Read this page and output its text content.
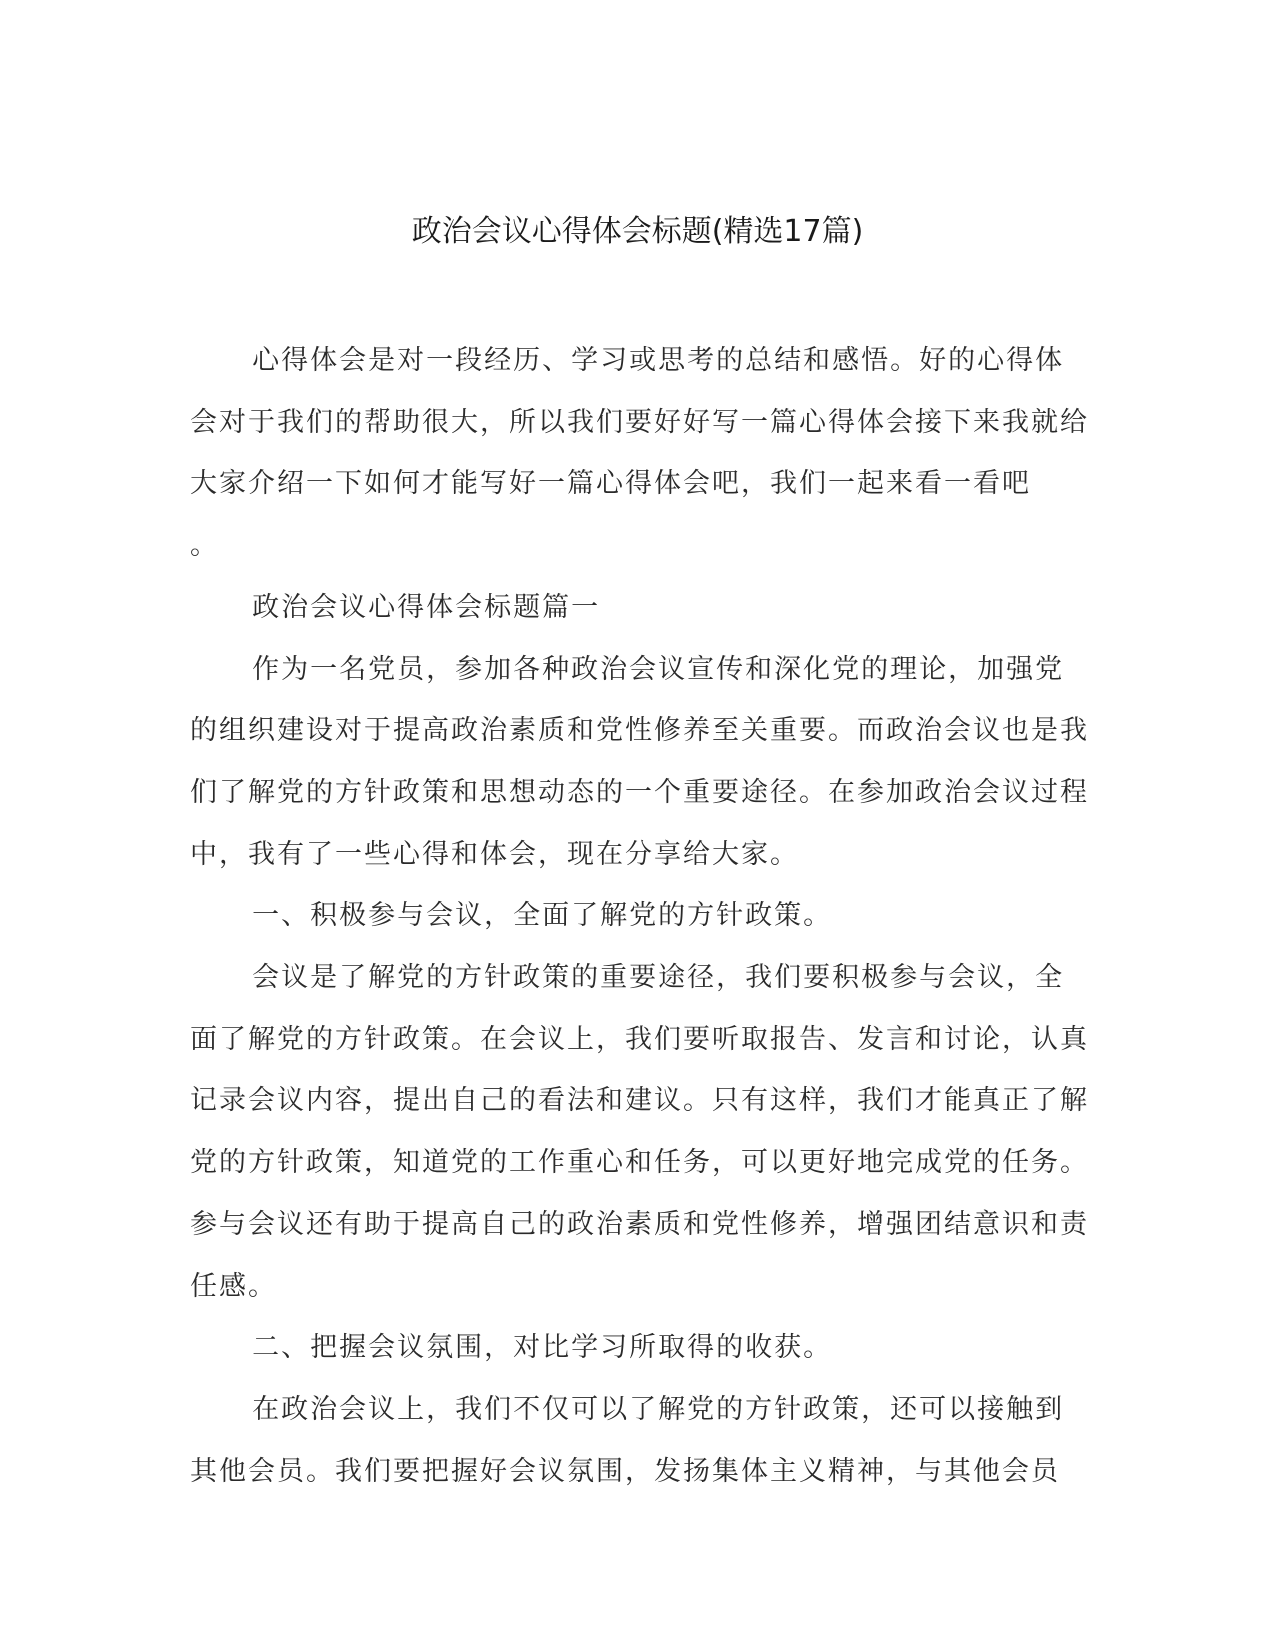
政治会议心得体会标题(精选17篇)

心得体会是对一段经历、学习或思考的总结和感悟。好的心得体会对于我们的帮助很大，所以我们要好好写一篇心得体会接下来我就给大家介绍一下如何才能写好一篇心得体会吧，我们一起来看一看吧

。

政治会议心得体会标题篇一

作为一名党员，参加各种政治会议宣传和深化党的理论，加强党的组织建设对于提高政治素质和党性修养至关重要。而政治会议也是我们了解党的方针政策和思想动态的一个重要途径。在参加政治会议过程中，我有了一些心得和体会，现在分享给大家。

一、积极参与会议，全面了解党的方针政策。

会议是了解党的方针政策的重要途径，我们要积极参与会议，全面了解党的方针政策。在会议上，我们要听取报告、发言和讨论，认真记录会议内容，提出自己的看法和建议。只有这样，我们才能真正了解党的方针政策，知道党的工作重心和任务，可以更好地完成党的任务。参与会议还有助于提高自己的政治素质和党性修养，增强团结意识和责任感。

二、把握会议氛围，对比学习所取得的收获。

在政治会议上，我们不仅可以了解党的方针政策，还可以接触到其他会员。我们要把握好会议氛围，发扬集体主义精神，与其他会员
